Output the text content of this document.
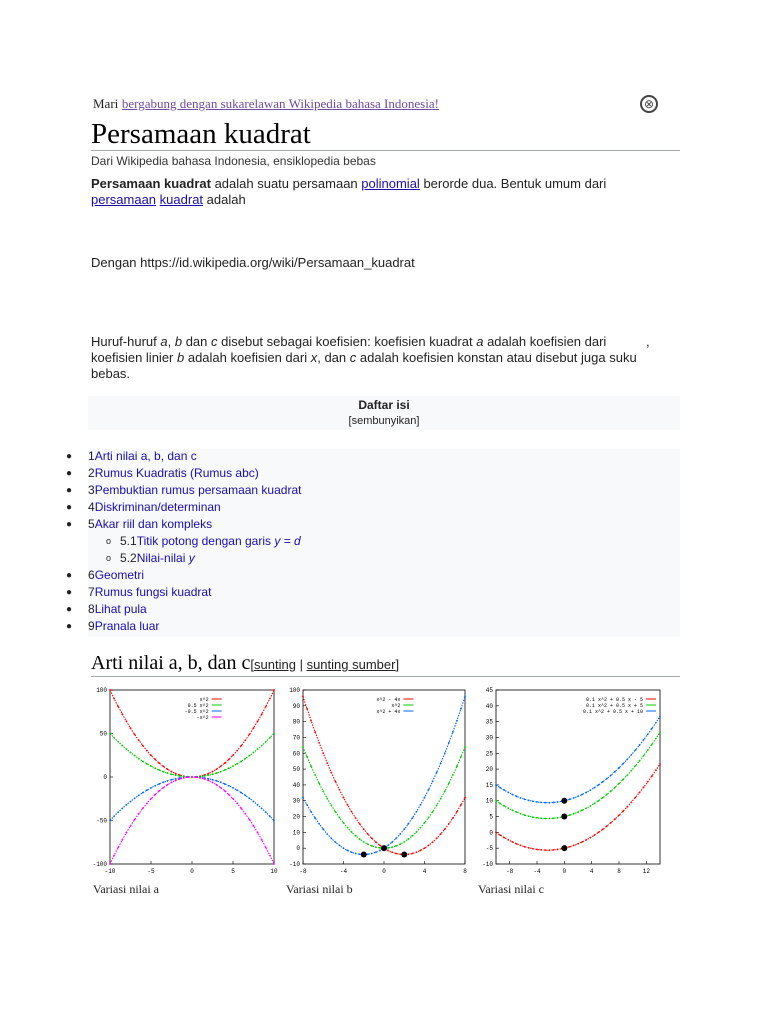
Mari bergabung dengan sukarelawan Wikipedia bahasa Indonesia!	⊗
Persamaan kuadrat
Dari Wikipedia bahasa Indonesia, ensiklopedia bebas
Persamaan kuadrat adalah suatu persamaan polinomial berorde dua. Bentuk umum dari persamaan kuadrat adalah
Dengan https://id.wikipedia.org/wiki/Persamaan_kuadrat
Huruf-huruf a, b dan c disebut sebagai koefisien: koefisien kuadrat a adalah koefisien dari	, koefisien linier b adalah koefisien dari x, dan c adalah koefisien konstan atau disebut juga suku bebas.
Daftar isi
[sembunyikan]
● 1Arti nilai a, b, dan c
● 2Rumus Kuadratis (Rumus abc)
● 3Pembuktian rumus persamaan kuadrat
● 4Diskriminan/determinan
● 5Akar riil dan kompleks
o 5.1Titik potong dengan garis y = d
o 5.2Nilai-nilai y
● 6Geometri
● 7Rumus fungsi kuadrat
● 8Lihat pula
● 9Pranala luar
Arti nilai a, b, dan c[sunting | sunting sumber]
-10	-5	0	5	10
100
50
0
-50
-100
x^2
0.5 x^2
-0.5 x^2
-x^2
-8	-4	0	4	8
100
90
80
70
60
50
40
30
20
10
0
-10
x^2 - 4x
x^2
x^2 + 4x
-8	-4	0	4	8	12
45
40
35
30
25
20
15
10
5
0
-5
-10
0.1 x^2 + 0.5 x - 5
0.1 x^2 + 0.5 x + 5
0.1 x^2 + 0.5 x + 10
Variasi nilai a	Variasi nilai b	Variasi nilai c
